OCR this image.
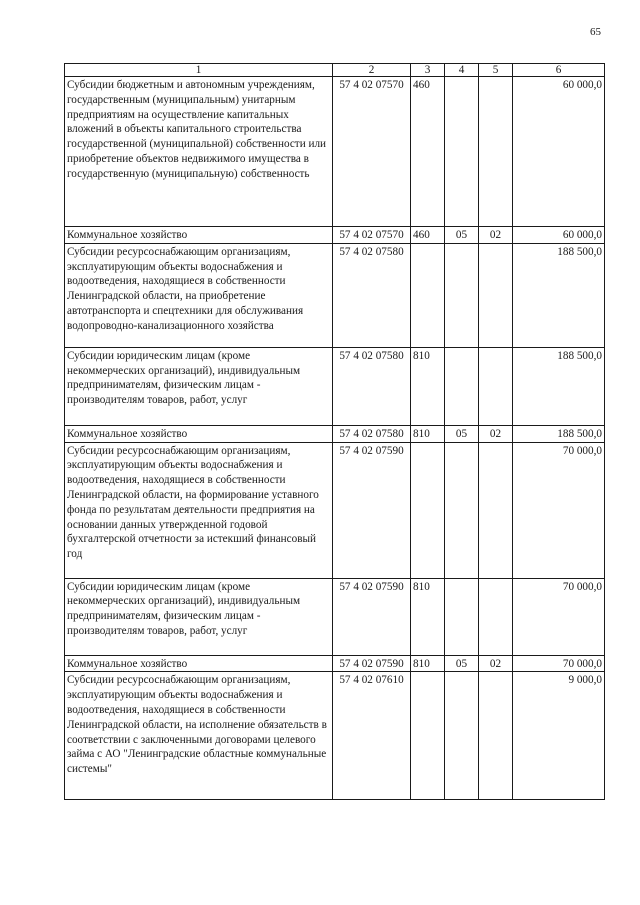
65
1	2	3	4	5	6
Субсидии бюджетным и автономным учреждениям, государственным (муниципальным) унитарным предприятиям на осуществление капитальных вложений в объекты капитального строительства государственной (муниципальной) собственности или приобретение объектов недвижимого имущества в государственную (муниципальную) собственность	57 4 02 07570	460			60 000,0
Коммунальное хозяйство	57 4 02 07570	460	05	02	60 000,0
Субсидии ресурсоснабжающим организациям, эксплуатирующим объекты водоснабжения и водоотведения, находящиеся в собственности Ленинградской области, на приобретение автотранспорта и спецтехники для обслуживания водопроводно-канализационного хозяйства	57 4 02 07580				188 500,0
Субсидии юридическим лицам (кроме некоммерческих организаций), индивидуальным предпринимателям, физическим лицам - производителям товаров, работ, услуг	57 4 02 07580	810			188 500,0
Коммунальное хозяйство	57 4 02 07580	810	05	02	188 500,0
Субсидии ресурсоснабжающим организациям, эксплуатирующим объекты водоснабжения и водоотведения, находящиеся в собственности Ленинградской области, на формирование уставного фонда по результатам деятельности предприятия на основании данных утвержденной годовой бухгалтерской отчетности за истекший финансовый год	57 4 02 07590				70 000,0
Субсидии юридическим лицам (кроме некоммерческих организаций), индивидуальным предпринимателям, физическим лицам - производителям товаров, работ, услуг	57 4 02 07590	810			70 000,0
Коммунальное хозяйство	57 4 02 07590	810	05	02	70 000,0
Субсидии ресурсоснабжающим организациям, эксплуатирующим объекты водоснабжения и водоотведения, находящиеся в собственности Ленинградской области, на исполнение обязательств в соответствии с заключенными договорами целевого займа с АО "Ленинградские областные коммунальные системы"	57 4 02 07610				9 000,0
